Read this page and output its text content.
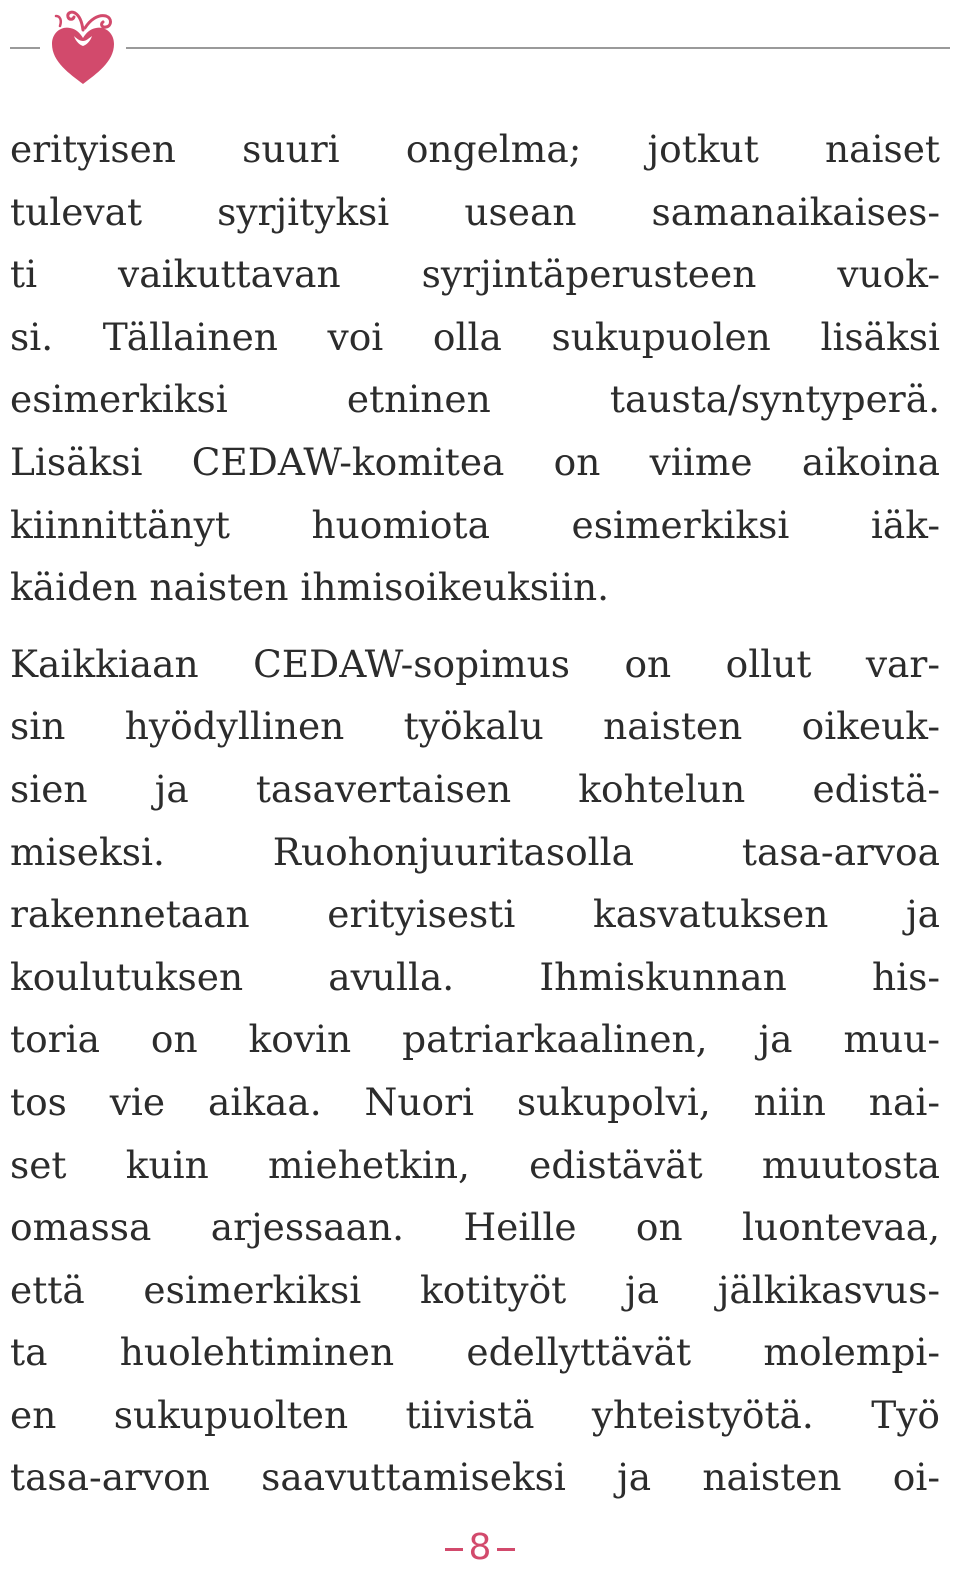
erityisen suuri ongelma; jotkut naiset
tulevat syrjityksi usean samanaikaises-
ti vaikuttavan syrjintäperusteen vuok-
si. Tällainen voi olla sukupuolen lisäksi
esimerkiksi etninen tausta/syntyperä.
Lisäksi CEDAW-komitea on viime aikoina
kiinnittänyt huomiota esimerkiksi iäk-
käiden naisten ihmisoikeuksiin.
Kaikkiaan CEDAW-sopimus on ollut var-
sin hyödyllinen työkalu naisten oikeuk-
sien ja tasavertaisen kohtelun edistä-
miseksi. Ruohonjuuritasolla tasa-arvoa
rakennetaan erityisesti kasvatuksen ja
koulutuksen avulla. Ihmiskunnan his-
toria on kovin patriarkaalinen, ja muu-
tos vie aikaa. Nuori sukupolvi, niin nai-
set kuin miehetkin, edistävät muutosta
omassa arjessaan. Heille on luontevaa,
että esimerkiksi kotityöt ja jälkikasvus-
ta huolehtiminen edellyttävät molempi-
en sukupuolten tiivistä yhteistyötä. Työ
tasa-arvon saavuttamiseksi ja naisten oi-
8
